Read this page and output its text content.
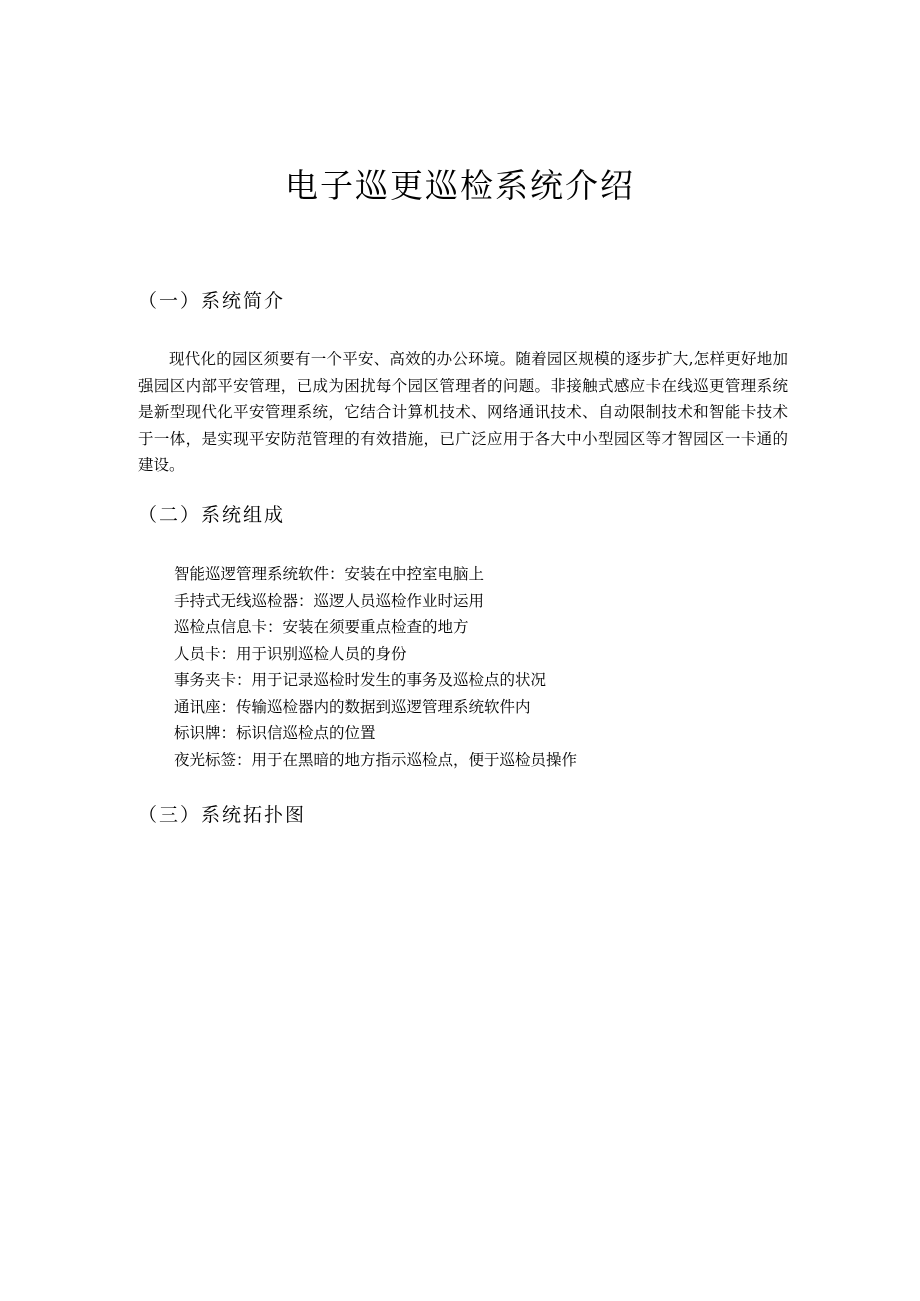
电子巡更巡检系统介绍
（一）系统简介

现代化的园区须要有一个平安、高效的办公环境。随着园区规模的逐步扩大,怎样更好地加强园区内部平安管理，已成为困扰每个园区管理者的问题。非接触式感应卡在线巡更管理系统是新型现代化平安管理系统，它结合计算机技术、网络通讯技术、自动限制技术和智能卡技术于一体，是实现平安防范管理的有效措施，已广泛应用于各大中小型园区等才智园区一卡通的建设。

（二）系统组成
智能巡逻管理系统软件：安装在中控室电脑上
手持式无线巡检器：巡逻人员巡检作业时运用
巡检点信息卡：安装在须要重点检查的地方
人员卡：用于识别巡检人员的身份
事务夹卡：用于记录巡检时发生的事务及巡检点的状况
通讯座：传输巡检器内的数据到巡逻管理系统软件内
标识牌：标识信巡检点的位置
夜光标签：用于在黑暗的地方指示巡检点，便于巡检员操作
（三）系统拓扑图
